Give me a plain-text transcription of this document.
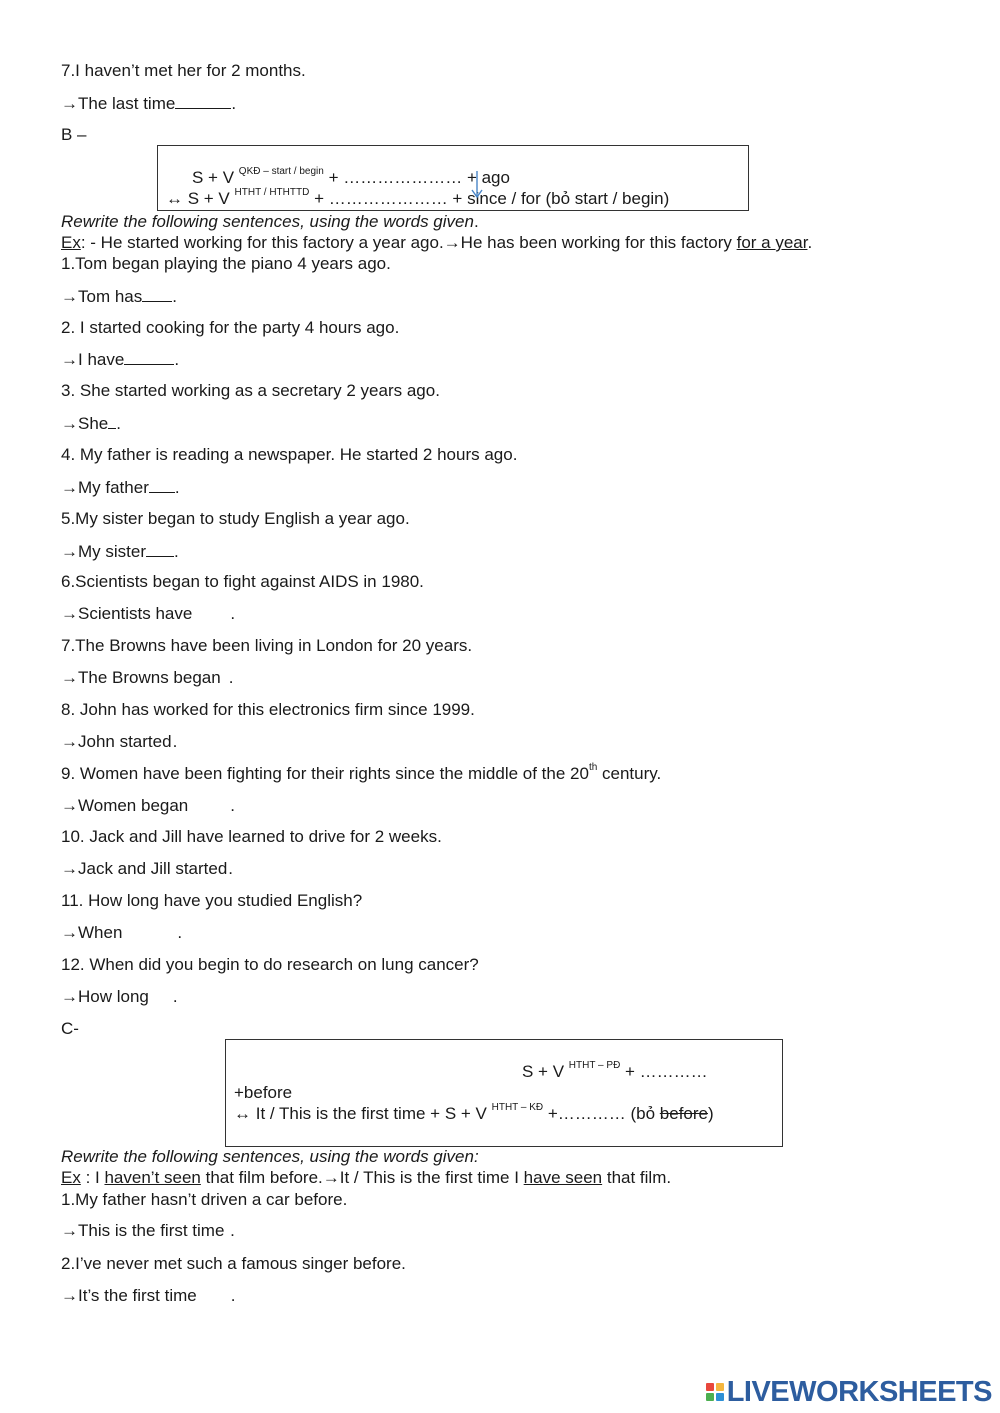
7.I haven’t met her for 2 months.
→The last time	.
B –
S + V $^{QKĐ - start / begin}$ + ………………… + ago
↔ S + V $^{HTHT / HTHTTD}$ + ………………… + since / for (bỏ start / begin)
Rewrite the following sentences, using the words given.
Ex: - He started working for this factory a year ago.→He has been working for this factory for a year.
1.Tom began playing the piano 4 years ago.
→Tom has .
2. I started cooking for the party 4 hours ago.
→I have	.
3. She started working as a secretary 2 years ago.
→She .
4. My father is reading a newspaper. He started 2 hours ago.
→My father .
5.My sister began to study English a year ago.
→My sister .
6.Scientists began to fight against AIDS in 1980.
→Scientists have .
7.The Browns have been living in London for 20 years.
→The Browns began .
8. John has worked for this electronics firm since 1999.
→John started.
9. Women have been fighting for their rights since the middle of the 20th century.
→Women began .
10. Jack and Jill have learned to drive for 2 weeks.
→Jack and Jill started.
11. How long have you studied English?
→When	.
12. When did you begin to do research on lung cancer?
→How long .
C-
S + V $^{HTHT - PĐ}$ + …………
+before
↔ It / This is the first time + S + V $^{HTHT - KĐ}$ +………… (bỏ before)
Rewrite the following sentences, using the words given:
Ex : I haven’t seen that film before.→It / This is the first time I have seen that film.
1.My father hasn’t driven a car before.
→This is the first time .
2.I’ve never met such a famous singer before.
→It’s the first time .
LIVEWORKSHEETS
